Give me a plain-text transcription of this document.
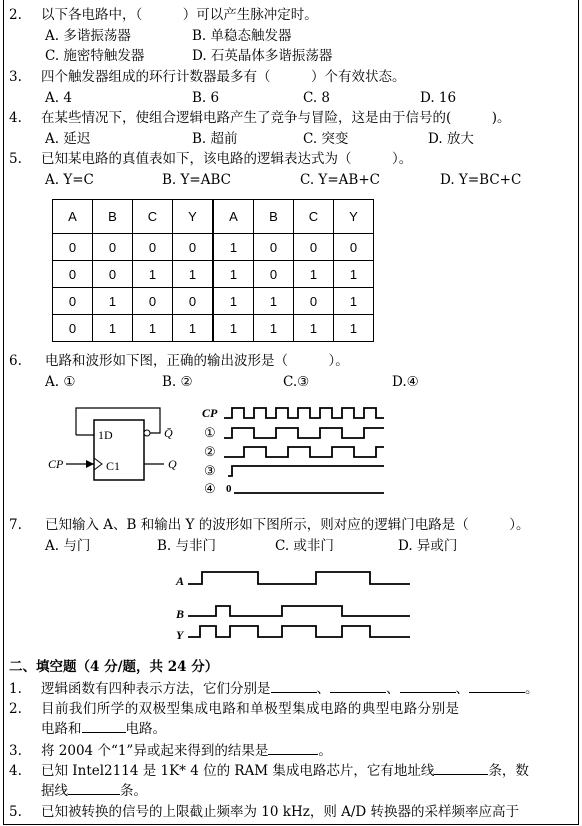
2. 以下各电路中，（　　　）可以产生脉冲定时。
A. 多谐振荡器	B. 单稳态触发器
C. 施密特触发器	D. 石英晶体多谐振荡器
3. 四个触发器组成的环行计数器最多有（　　　）个有效状态。
A. 4	B. 6	C. 8	D. 16
4. 在某些情况下，使组合逻辑电路产生了竞争与冒险，这是由于信号的(　　　)。
A. 延迟	B. 超前	C. 突变	D. 放大
5. 已知某电路的真值表如下，该电路的逻辑表达式为（　　　）。
A. Y=C	B. Y=ABC	C. Y=AB+C	D. Y=BC+C
A	B	C	Y	A	B	C	Y
0	0	0	0	1	0	0	0
0	0	1	1	1	0	1	1
0	1	0	0	1	1	0	1
0	1	1	1	1	1	1	1
6. 电路和波形如下图，正确的输出波形是（　　　）。
A. ①	B. ②	C.③	D.④
1D
C1
Q̄
CP	Q
CP
①
②
③
④ 0
7. 已知输入 A、B 和输出 Y 的波形如下图所示，则对应的逻辑门电路是（　　　）。
A. 与门	B. 与非门	C. 或非门	D. 异或门
A
B
Y
二、填空题（4 分/题，共 24 分）
1. 逻辑函数有四种表示方法，它们分别是	、	、	、	。
2. 目前我们所学的双极型集成电路和单极型集成电路的典型电路分别是
电路和	电路。
3. 将 2004 个“1”异或起来得到的结果是	。
4. 已知 Intel2114 是 1K* 4 位的 RAM 集成电路芯片，它有地址线	条，数
据线	条。
5. 已知被转换的信号的上限截止频率为 10 kHz，则 A/D 转换器的采样频率应高于
